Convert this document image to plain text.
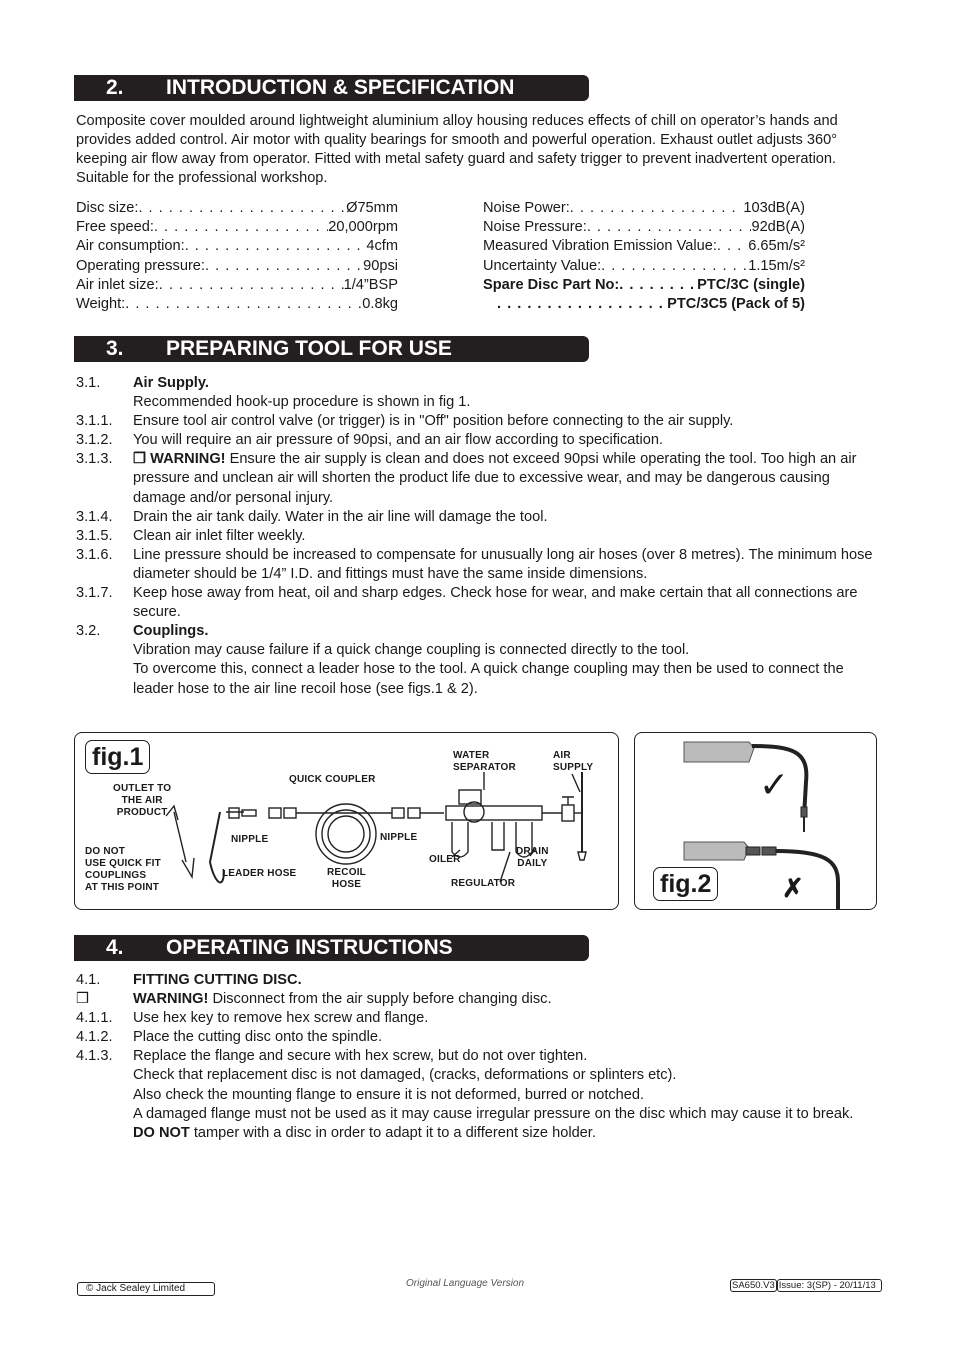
2. INTRODUCTION & SPECIFICATION

Composite cover moulded around lightweight aluminium alloy housing reduces effects of chill on operator’s hands and provides added control. Air motor with quality bearings for smooth and powerful operation. Exhaust outlet adjusts 360° keeping air flow away from operator. Fitted with metal safety guard and safety trigger to prevent inadvertent operation. Suitable for the professional workshop.

Disc size: . . .	Ø75mm
Free speed: . . .	20,000rpm
Air consumption: . . .	4cfm
Operating pressure: . . .	90psi
Air inlet size: . . .	1/4”BSP
Weight: . . .	0.8kg
Noise Power: . . .	103dB(A)
Noise Pressure: . . .	92dB(A)
Measured Vibration Emission Value: . . . 6.65m/s²
Uncertainty Value: . . .	1.15m/s²
Spare Disc Part No: . . .	PTC/3C (single)
. . .
PTC/3C5 (Pack of 5)
3. PREPARING TOOL FOR USE
3.1.	Air Supply.
Recommended hook-up procedure is shown in fig 1.
3.1.1.	Ensure tool air control valve (or trigger) is in "Off" position before connecting to the air supply.
3.1.2.	You will require an air pressure of 90psi, and an air flow according to specification.
3.1.3.	❒ WARNING! Ensure the air supply is clean and does not exceed 90psi while operating the tool. Too high an air pressure and unclean air will shorten the product life due to excessive wear, and may be dangerous causing damage and/or personal injury.
3.1.4.	Drain the air tank daily. Water in the air line will damage the tool.
3.1.5.	Clean air inlet filter weekly.
3.1.6.	Line pressure should be increased to compensate for unusually long air hoses (over 8 metres). The minimum hose diameter should be 1/4” I.D. and fittings must have the same inside dimensions.
3.1.7.	Keep hose away from heat, oil and sharp edges. Check hose for wear, and make certain that all connections are secure.
3.2.	Couplings.
Vibration may cause failure if a quick change coupling is connected directly to the tool.
To overcome this, connect a leader hose to the tool. A quick change coupling may then be used to connect the leader hose to the air line recoil hose (see figs.1 & 2).
fig.1
OUTLET TO
THE AIR
PRODUCT
QUICK COUPLER
WATER
SEPARATOR
AIR
SUPPLY
NIPPLE	NIPPLE
DO NOT
USE QUICK FIT
COUPLINGS
AT THIS POINT
LEADER HOSE	RECOIL
HOSE
OILER
DRAIN
DAILY
REGULATOR
✓
✗
fig.2
4. OPERATING INSTRUCTIONS
4.1.	FITTING CUTTING DISC.
❒	WARNING! Disconnect from the air supply before changing disc.
4.1.1.	Use hex key to remove hex screw and flange.
4.1.2.	Place the cutting disc onto the spindle.
4.1.3.	Replace the flange and secure with hex screw, but do not over tighten.
Check that replacement disc is not damaged, (cracks, deformations or splinters etc).
Also check the mounting flange to ensure it is not deformed, burred or notched.
A damaged flange must not be used as it may cause irregular pressure on the disc which may cause it to break. DO NOT tamper with a disc in order to adapt it to a different size holder.
© Jack Sealey Limited	Original Language Version	SA650.V3 Issue: 3(SP) - 20/11/13
